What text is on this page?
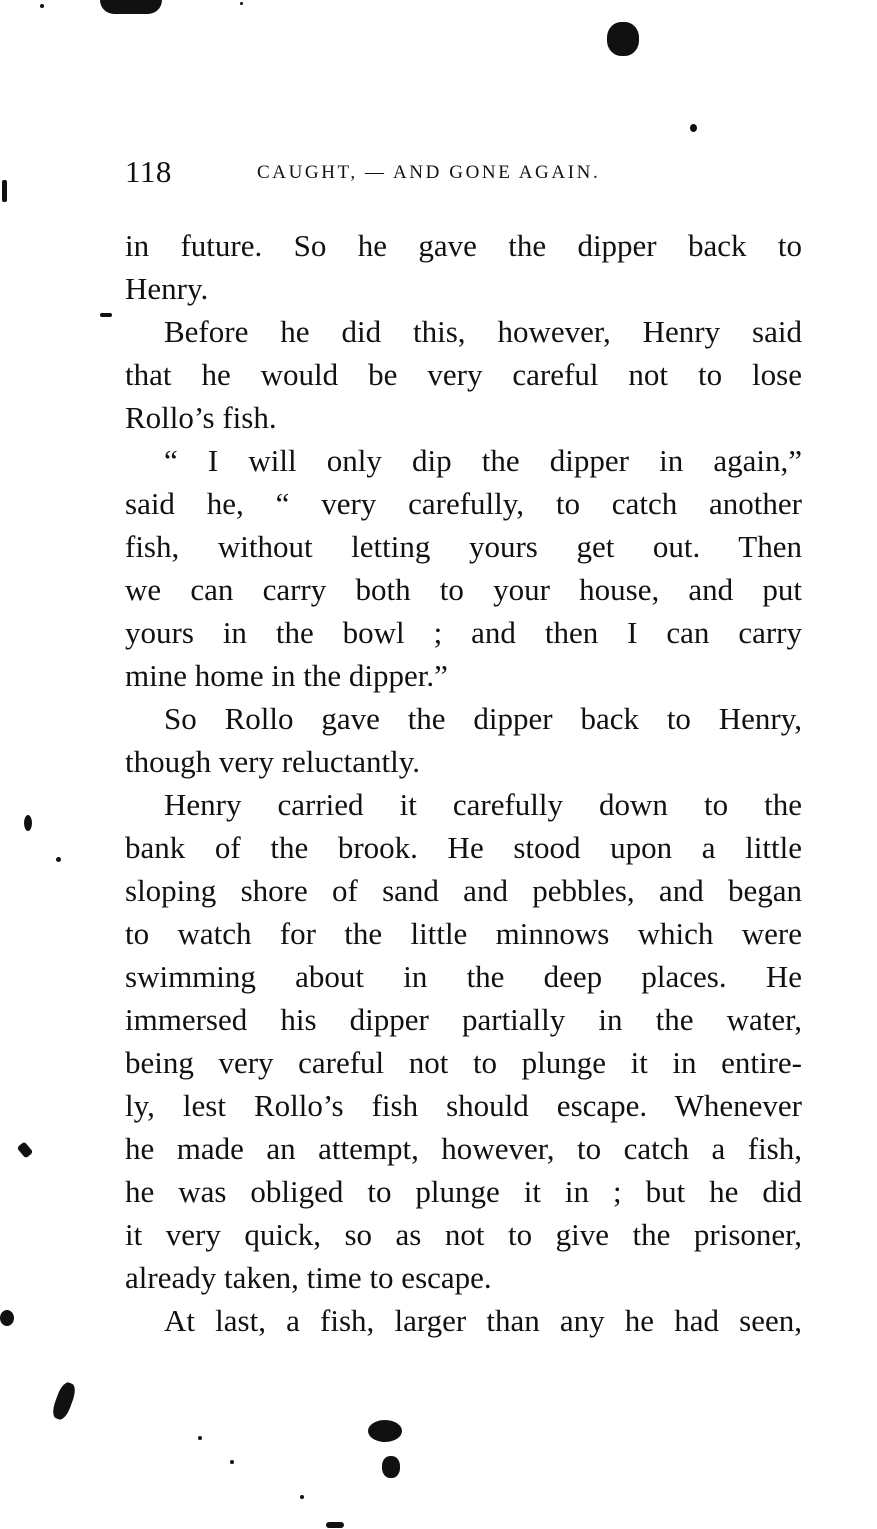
118	CAUGHT, — AND GONE AGAIN.
in future. So he gave the dipper back to
Henry.
Before he did this, however, Henry said
that he would be very careful not to lose
Rollo’s fish.
“ I will only dip the dipper in again,”
said he, “ very carefully, to catch another
fish, without letting yours get out. Then
we can carry both to your house, and put
yours in the bowl ; and then I can carry
mine home in the dipper.”
So Rollo gave the dipper back to Henry,
though very reluctantly.
Henry carried it carefully down to the
bank of the brook. He stood upon a little
sloping shore of sand and pebbles, and began
to watch for the little minnows which were
swimming about in the deep places. He
immersed his dipper partially in the water,
being very careful not to plunge it in entire-
ly, lest Rollo’s fish should escape. Whenever
he made an attempt, however, to catch a fish,
he was obliged to plunge it in ; but he did
it very quick, so as not to give the prisoner,
already taken, time to escape.
At last, a fish, larger than any he had seen,
